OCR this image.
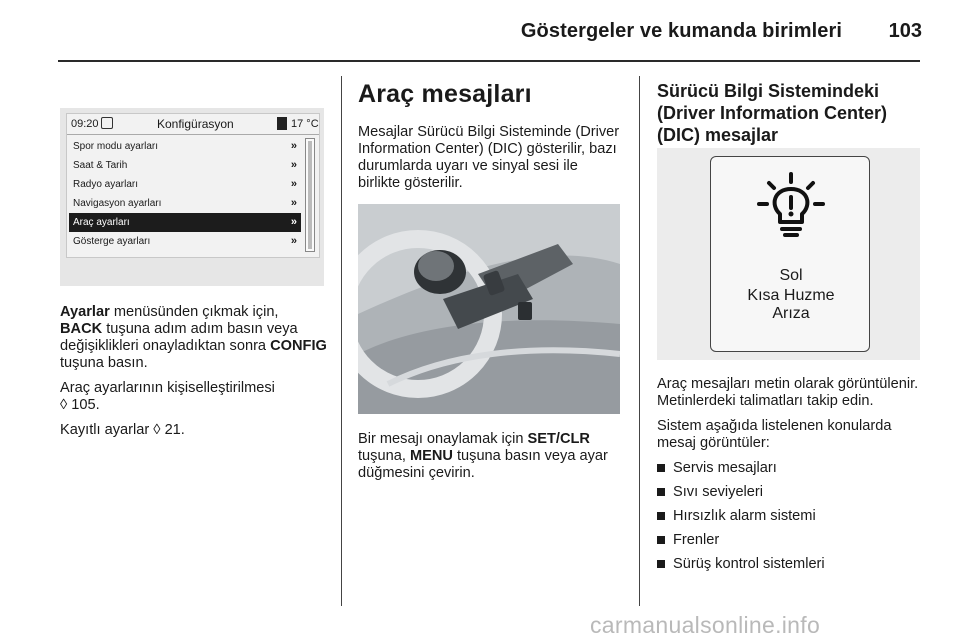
Göstergeler ve kumanda birimleri 103
09:20	Konfigürasyon	17 °C
Spor modu ayarları	»
Saat & Tarih	»
Radyo ayarları	»
Navigasyon ayarları	»
Araç ayarları	»
Gösterge ayarları	»

Ayarlar menüsünden çıkmak için,
BACK tuşuna adım adım basın veya değişiklikleri onayladıktan sonra CONFIG tuşuna basın.

Araç ayarlarının kişiselleştirilmesi
◊ 105.

Kayıtlı ayarlar ◊ 21.

Araç mesajları
Mesajlar Sürücü Bilgi Sisteminde (Driver Information Center) (DIC) gösterilir, bazı durumlarda uyarı ve sinyal sesi ile birlikte gösterilir.
Bir mesajı onaylamak için SET/CLR tuşuna, MENU tuşuna basın veya ayar düğmesini çevirin.
Sürücü Bilgi Sistemindeki (Driver Information Center) (DIC) mesajlar
Sol
Kısa Huzme
Arıza

Araç mesajları metin olarak görüntülenir. Metinlerdeki talimatları takip edin.

Sistem aşağıda listelenen konularda mesaj görüntüler:

Servis mesajları
Sıvı seviyeleri
Hırsızlık alarm sistemi
Frenler
Sürüş kontrol sistemleri
carmanualsonline.info
